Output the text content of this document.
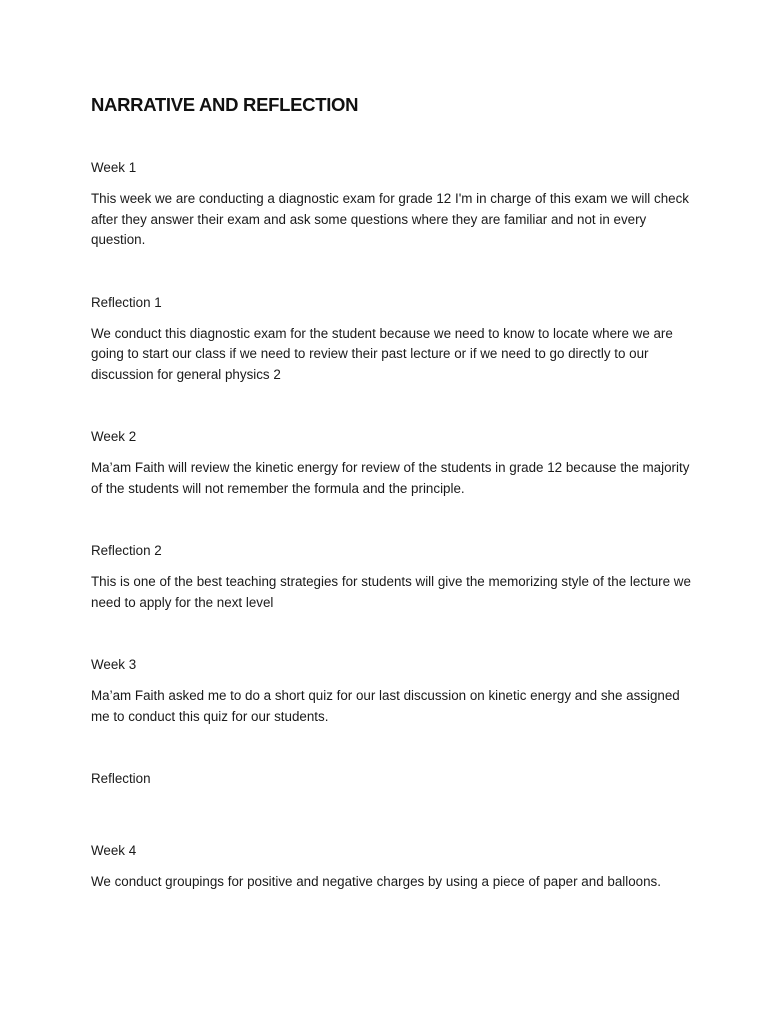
NARRATIVE AND REFLECTION
Week 1
This week we are conducting a diagnostic exam for grade 12 I'm in charge of this exam we will check after they answer their exam and ask some questions where they are familiar and not in every question.
Reflection 1
We conduct this diagnostic exam for the student because we need to know to locate where we are going to start our class if we need to review their past lecture or if we need to go directly to our discussion for general physics 2
Week 2
Ma’am Faith will review the kinetic energy for review of the students in grade 12 because the majority of the students will not remember the formula and the principle.
Reflection 2
This is one of the best teaching strategies for students will give the memorizing style of the lecture we need to apply for the next level
Week 3
Ma’am Faith asked me to do a short quiz for our last discussion on kinetic energy and she assigned me to conduct this quiz for our students.
Reflection
Week 4
We conduct groupings for positive and negative charges by using a piece of paper and balloons.
